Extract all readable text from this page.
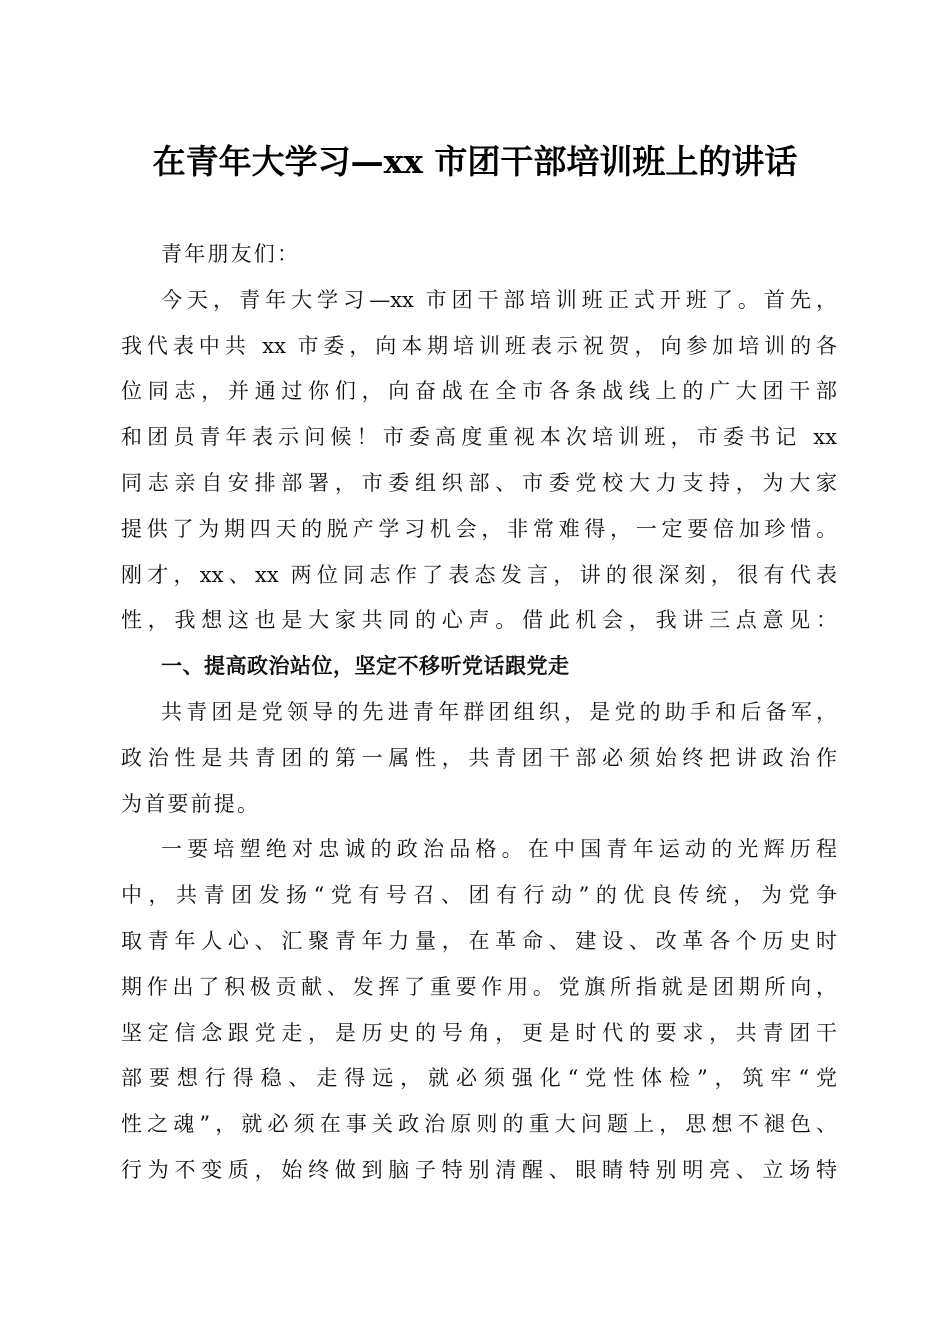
在青年大学习—xx 市团干部培训班上的讲话
青年朋友们：
今天，青年大学习—xx 市团干部培训班正式开班了。首先，
我代表中共 xx 市委，向本期培训班表示祝贺，向参加培训的各
位同志，并通过你们，向奋战在全市各条战线上的广大团干部
和团员青年表示问候！市委高度重视本次培训班，市委书记 xx
同志亲自安排部署，市委组织部、市委党校大力支持，为大家
提供了为期四天的脱产学习机会，非常难得，一定要倍加珍惜。
刚才，xx、xx 两位同志作了表态发言，讲的很深刻，很有代表
性，我想这也是大家共同的心声。借此机会，我讲三点意见：
一、提高政治站位，坚定不移听党话跟党走
共青团是党领导的先进青年群团组织，是党的助手和后备军，
政治性是共青团的第一属性，共青团干部必须始终把讲政治作
为首要前提。
一要培塑绝对忠诚的政治品格。在中国青年运动的光辉历程
中，共青团发扬“党有号召、团有行动”的优良传统，为党争
取青年人心、汇聚青年力量，在革命、建设、改革各个历史时
期作出了积极贡献、发挥了重要作用。党旗所指就是团期所向，
坚定信念跟党走，是历史的号角，更是时代的要求，共青团干
部要想行得稳、走得远，就必须强化“党性体检”，筑牢“党
性之魂”，就必须在事关政治原则的重大问题上，思想不褪色、
行为不变质，始终做到脑子特别清醒、眼睛特别明亮、立场特
